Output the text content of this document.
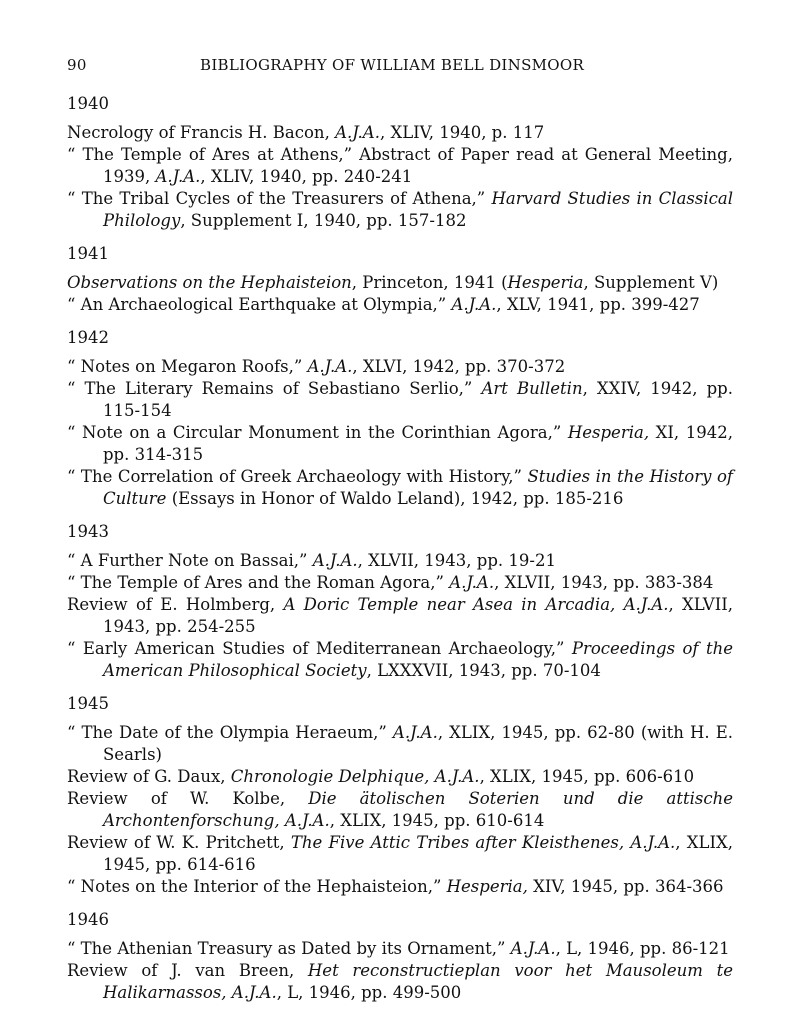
90	BIBLIOGRAPHY OF WILLIAM BELL DINSMOOR
1940

Necrology of Francis H. Bacon, A.J.A., XLIV, 1940, p. 117

“ The Temple of Ares at Athens,” Abstract of Paper read at General Meeting, 1939, A.J.A., XLIV, 1940, pp. 240-241

“ The Tribal Cycles of the Treasurers of Athena,” Harvard Studies in Classical Philology, Supplement I, 1940, pp. 157-182

1941

Observations on the Hephaisteion, Princeton, 1941 (Hesperia, Supplement V)

“ An Archaeological Earthquake at Olympia,” A.J.A., XLV, 1941, pp. 399-427

1942

“ Notes on Megaron Roofs,” A.J.A., XLVI, 1942, pp. 370-372

“ The Literary Remains of Sebastiano Serlio,” Art Bulletin, XXIV, 1942, pp. 115-154

“ Note on a Circular Monument in the Corinthian Agora,” Hesperia, XI, 1942, pp. 314-315

“ The Correlation of Greek Archaeology with History,” Studies in the History of Culture (Essays in Honor of Waldo Leland), 1942, pp. 185-216

1943

“ A Further Note on Bassai,” A.J.A., XLVII, 1943, pp. 19-21

“ The Temple of Ares and the Roman Agora,” A.J.A., XLVII, 1943, pp. 383-384

Review of E. Holmberg, A Doric Temple near Asea in Arcadia, A.J.A., XLVII, 1943, pp. 254-255

“ Early American Studies of Mediterranean Archaeology,” Proceedings of the American Philosophical Society, LXXXVII, 1943, pp. 70-104

1945

“ The Date of the Olympia Heraeum,” A.J.A., XLIX, 1945, pp. 62-80 (with H. E. Searls)

Review of G. Daux, Chronologie Delphique, A.J.A., XLIX, 1945, pp. 606-610

Review of W. Kolbe, Die ätolischen Soterien und die attische Archontenforschung, A.J.A., XLIX, 1945, pp. 610-614

Review of W. K. Pritchett, The Five Attic Tribes after Kleisthenes, A.J.A., XLIX, 1945, pp. 614-616

“ Notes on the Interior of the Hephaisteion,” Hesperia, XIV, 1945, pp. 364-366

1946

“ The Athenian Treasury as Dated by its Ornament,” A.J.A., L, 1946, pp. 86-121

Review of J. van Breen, Het reconstructieplan voor het Mausoleum te Halikarnassos, A.J.A., L, 1946, pp. 499-500
